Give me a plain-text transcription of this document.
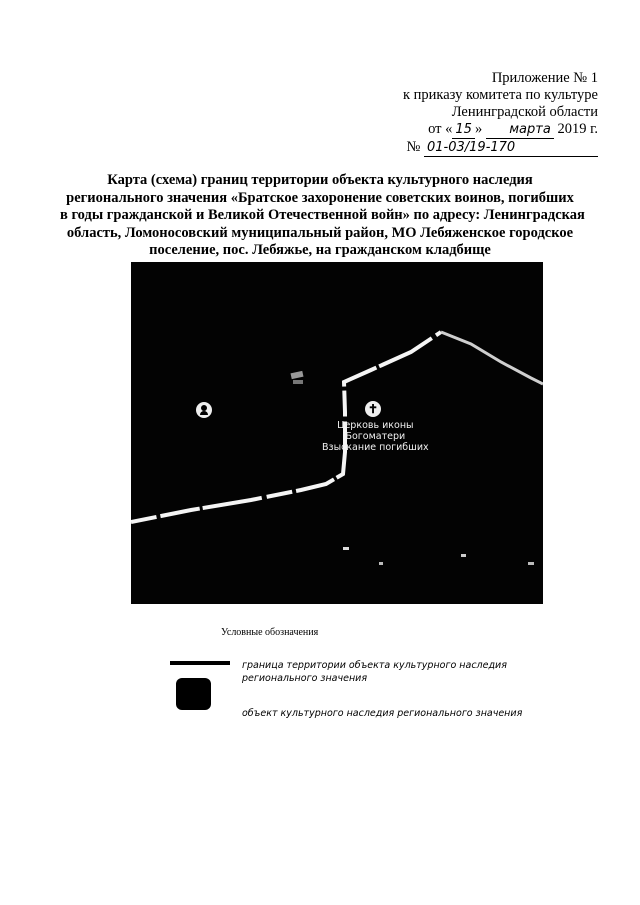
Приложение № 1
к приказу комитета по культуре
Ленинградской области
от « 15 » марта 2019 г.
№ 01-03/19-170
Карта (схема) границ территории объекта культурного наследия
регионального значения «Братское захоронение советских воинов, погибших
в годы гражданской и Великой Отечественной войн» по адресу: Ленинградская
область, Ломоносовский муниципальный район, МО Лебяженское городское
поселение, пос. Лебяжье, на гражданском кладбище
✝
Церковь иконы
Богоматери
Взыскание погибших
Условные обозначения
граница территории объекта культурного наследия
регионального значения
объект культурного наследия регионального значения
